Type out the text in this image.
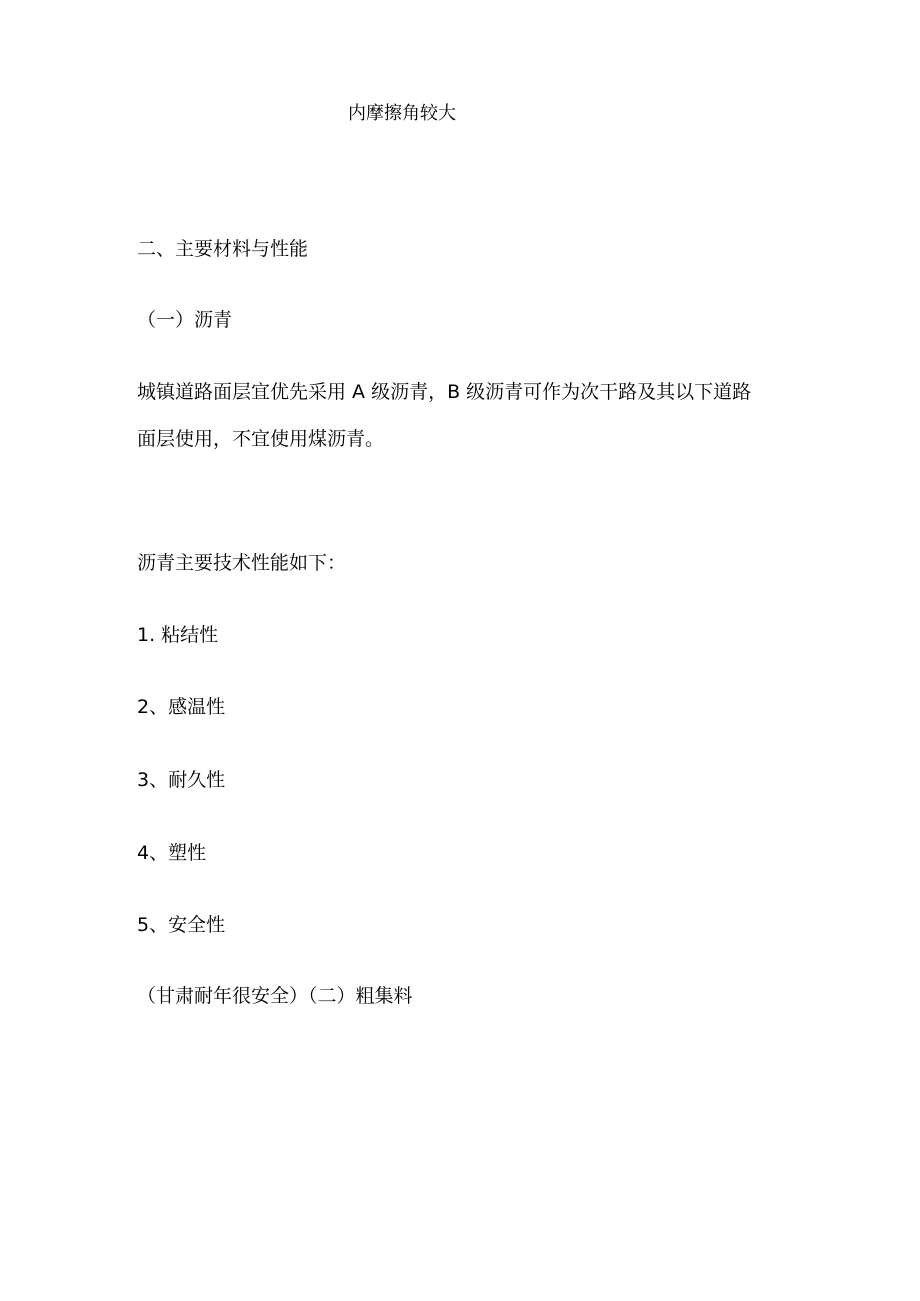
内摩擦角较大
二、主要材料与性能
（一）沥青
城镇道路面层宜优先采用 A 级沥青，B 级沥青可作为次干路及其以下道路
面层使用，不宜使用煤沥青。
沥青主要技术性能如下：
1. 粘结性
2、感温性
3、耐久性
4、塑性
5、安全性
（甘肃耐年很安全）（二）粗集料
